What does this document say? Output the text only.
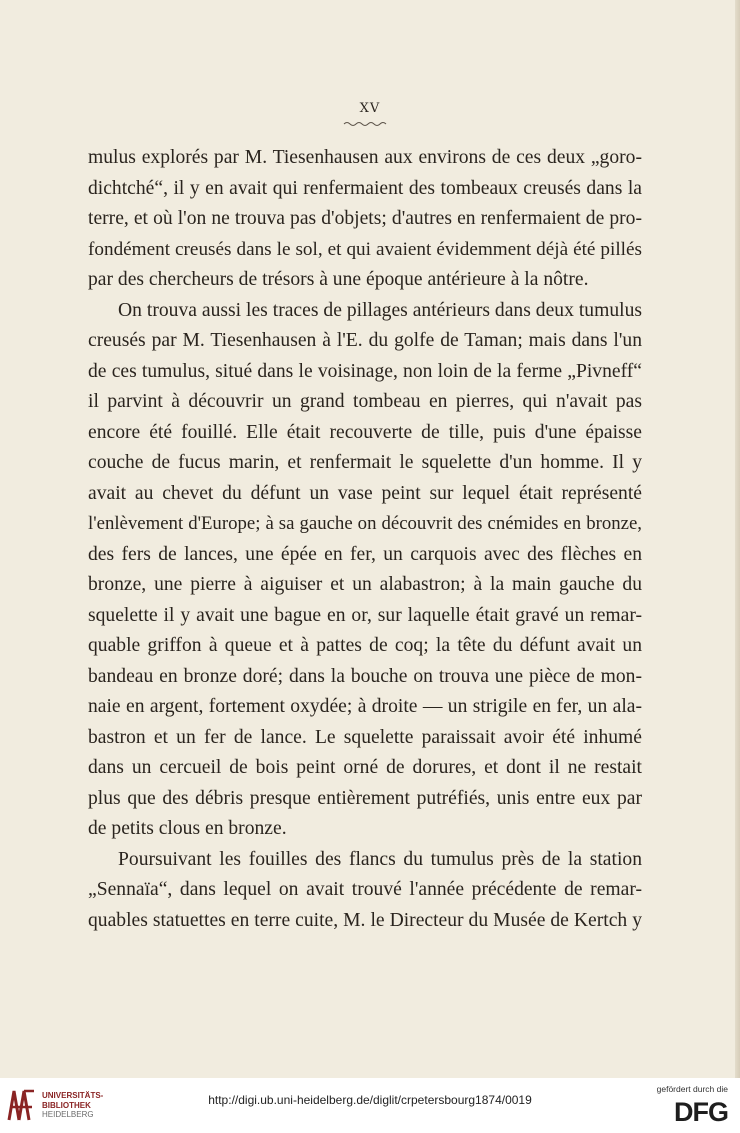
XV
mulus explorés par M. Tiesenhausen aux environs de ces deux „goro-
dichtché“, il y en avait qui renfermaient des tombeaux creusés dans la
terre, et où l'on ne trouva pas d'objets; d'autres en renfermaient de pro-
fondément creusés dans le sol, et qui avaient évidemment déjà été pillés
par des chercheurs de trésors à une époque antérieure à la nôtre.
On trouva aussi les traces de pillages antérieurs dans deux tumulus
creusés par M. Tiesenhausen à l'E. du golfe de Taman; mais dans l'un
de ces tumulus, situé dans le voisinage, non loin de la ferme „Pivneff“
il parvint à découvrir un grand tombeau en pierres, qui n'avait pas
encore été fouillé. Elle était recouverte de tille, puis d'une épaisse
couche de fucus marin, et renfermait le squelette d'un homme. Il y
avait au chevet du défunt un vase peint sur lequel était représenté
l'enlèvement d'Europe; à sa gauche on découvrit des cnémides en bronze,
des fers de lances, une épée en fer, un carquois avec des flèches en
bronze, une pierre à aiguiser et un alabastron; à la main gauche du
squelette il y avait une bague en or, sur laquelle était gravé un remar-
quable griffon à queue et à pattes de coq; la tête du défunt avait un
bandeau en bronze doré; dans la bouche on trouva une pièce de mon-
naie en argent, fortement oxydée; à droite — un strigile en fer, un ala-
bastron et un fer de lance. Le squelette paraissait avoir été inhumé
dans un cercueil de bois peint orné de dorures, et dont il ne restait
plus que des débris presque entièrement putréfiés, unis entre eux par
de petits clous en bronze.
Poursuivant les fouilles des flancs du tumulus près de la station
„Sennaïa“, dans lequel on avait trouvé l'année précédente de remar-
quables statuettes en terre cuite, M. le Directeur du Musée de Kertch y
UNIVERSITÄTS-
BIBLIOTHEK
HEIDELBERG
http://digi.ub.uni-heidelberg.de/diglit/crpetersbourg1874/0019
gefördert durch die
DFG
